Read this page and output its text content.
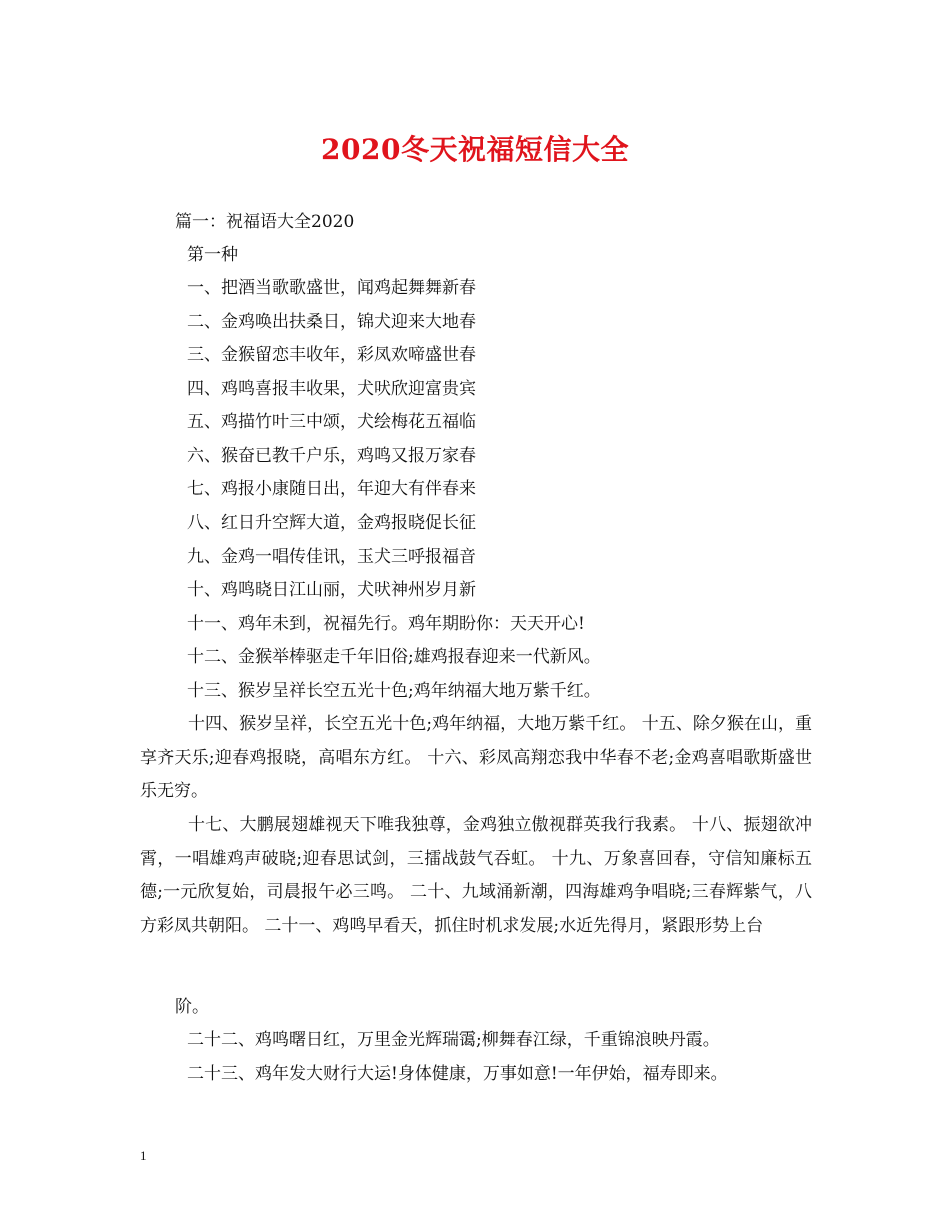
2020冬天祝福短信大全
篇一：祝福语大全2020
第一种
一、把酒当歌歌盛世，闻鸡起舞舞新春
二、金鸡唤出扶桑日，锦犬迎来大地春
三、金猴留恋丰收年，彩凤欢啼盛世春
四、鸡鸣喜报丰收果，犬吠欣迎富贵宾
五、鸡描竹叶三中颂，犬绘梅花五福临
六、猴奋已教千户乐，鸡鸣又报万家春
七、鸡报小康随日出，年迎大有伴春来
八、红日升空辉大道，金鸡报晓促长征
九、金鸡一唱传佳讯，玉犬三呼报福音
十、鸡鸣晓日江山丽，犬吠神州岁月新
十一、鸡年未到，祝福先行。鸡年期盼你：天天开心!
十二、金猴举棒驱走千年旧俗;雄鸡报春迎来一代新风。
十三、猴岁呈祥长空五光十色;鸡年纳福大地万紫千红。
十四、猴岁呈祥，长空五光十色;鸡年纳福，大地万紫千红。 十五、除夕猴在山，重享齐天乐;迎春鸡报晓，高唱东方红。 十六、彩凤高翔恋我中华春不老;金鸡喜唱歌斯盛世乐无穷。
十七、大鹏展翅雄视天下唯我独尊，金鸡独立傲视群英我行我素。 十八、振翅欲冲霄，一唱雄鸡声破晓;迎春思试剑，三擂战鼓气吞虹。 十九、万象喜回春，守信知廉标五德;一元欣复始，司晨报午必三鸣。 二十、九域涌新潮，四海雄鸡争唱晓;三春辉紫气，八方彩凤共朝阳。 二十一、鸡鸣早看天，抓住时机求发展;水近先得月，紧跟形势上台
阶。
二十二、鸡鸣曙日红，万里金光辉瑞霭;柳舞春江绿，千重锦浪映丹霞。
二十三、鸡年发大财行大运!身体健康，万事如意!一年伊始，福寿即来。
1
